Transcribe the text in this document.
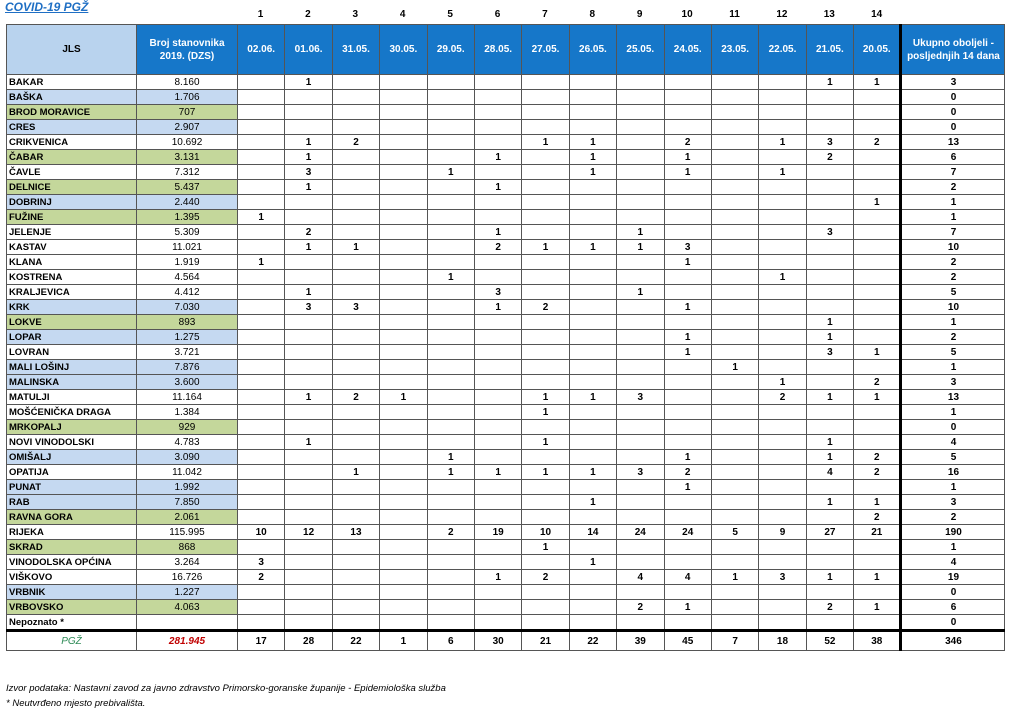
COVID-19 PGŽ
1	2	3	4	5	6	7	8	9	10	11	12	13	14
JLS	Broj stanovnika 2019. (DZS)	02.06.	01.06.	31.05.	30.05.	29.05.	28.05.	27.05.	26.05.	25.05.	24.05.	23.05.	22.05.	21.05.	20.05.	Ukupno oboljeli - posljednjih 14 dana
BAKAR	8.160		1											1	1	3
BAŠKA	1.706															0
BROD MORAVICE	707															0
CRES	2.907															0
CRIKVENICA	10.692		1	2				1	1		2		1	3	2	13
ČABAR	3.131		1				1		1		1			2		6
ČAVLE	7.312		3			1			1		1		1			7
DELNICE	5.437		1				1									2
DOBRINJ	2.440														1	1
FUŽINE	1.395	1														1
JELENJE	5.309		2				1			1				3		7
KASTAV	11.021		1	1			2	1	1	1	3					10
KLANA	1.919	1									1					2
KOSTRENA	4.564					1							1			2
KRALJEVICA	4.412		1				3			1						5
KRK	7.030		3	3			1	2			1					10
LOKVE	893													1		1
LOPAR	1.275										1			1		2
LOVRAN	3.721										1			3	1	5
MALI LOŠINJ	7.876											1				1
MALINSKA	3.600												1		2	3
MATULJI	11.164		1	2	1			1	1	3			2	1	1	13
MOŠĆENIČKA DRAGA	1.384							1								1
MRKOPALJ	929															0
NOVI VINODOLSKI	4.783		1					1						1		4
OMIŠALJ	3.090					1					1			1	2	5
OPATIJA	11.042			1		1	1	1	1	3	2			4	2	16
PUNAT	1.992										1					1
RAB	7.850								1					1	1	3
RAVNA GORA	2.061														2	2
RIJEKA	115.995	10	12	13		2	19	10	14	24	24	5	9	27	21	190
SKRAD	868							1								1
VINODOLSKA OPĆINA	3.264	3							1							4
VIŠKOVO	16.726	2					1	2		4	4	1	3	1	1	19
VRBNIK	1.227															0
VRBOVSKO	4.063									2	1			2	1	6
Nepoznato *																0
PGŽ	281.945	17	28	22	1	6	30	21	22	39	45	7	18	52	38	346
Izvor podataka: Nastavni zavod za javno zdravstvo Primorsko-goranske županije - Epidemiološka služba
* Neutvrđeno mjesto prebivališta.
